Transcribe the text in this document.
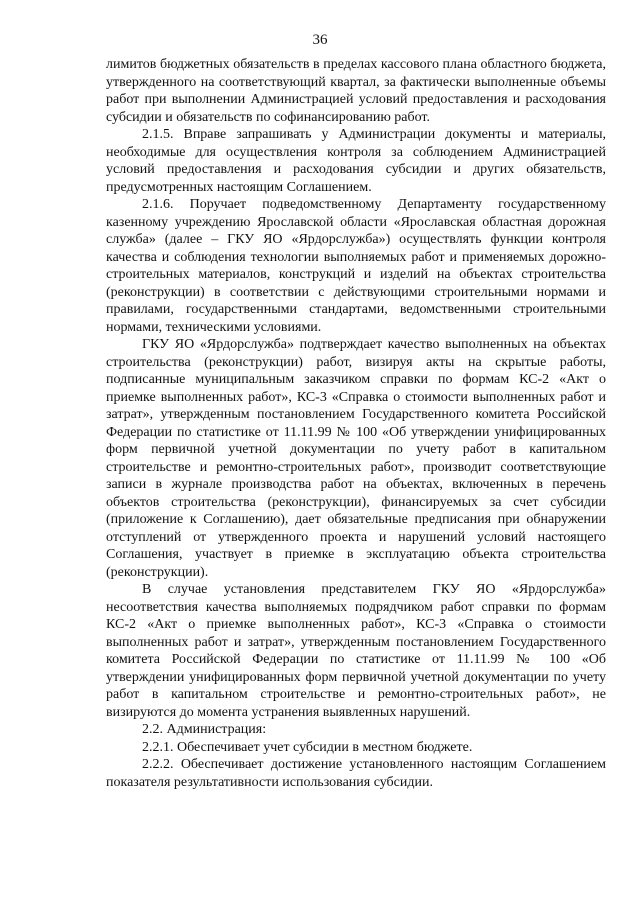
36

лимитов бюджетных обязательств в пределах кассового плана областного бюджета, утвержденного на соответствующий квартал, за фактически выполненные объемы работ при выполнении Администрацией условий предоставления и расходования субсидии и обязательств по софинансированию работ.

2.1.5. Вправе запрашивать у Администрации документы и материалы, необходимые для осуществления контроля за соблюдением Администрацией условий предоставления и расходования субсидии и других обязательств, предусмотренных настоящим Соглашением.

2.1.6. Поручает подведомственному Департаменту государственному казенному учреждению Ярославской области «Ярославская областная дорожная служба» (далее – ГКУ ЯО «Ярдорслужба») осуществлять функции контроля качества и соблюдения технологии выполняемых работ и применяемых дорожно-строительных материалов, конструкций и изделий на объектах строительства (реконструкции) в соответствии с действующими строительными нормами и правилами, государственными стандартами, ведомственными строительными нормами, техническими условиями.

ГКУ ЯО «Ярдорслужба» подтверждает качество выполненных на объектах строительства (реконструкции) работ, визируя акты на скрытые работы, подписанные муниципальным заказчиком справки по формам КС-2 «Акт о приемке выполненных работ», КС-3 «Справка о стоимости выполненных работ и затрат», утвержденным постановлением Государственного комитета Российской Федерации по статистике от 11.11.99 № 100 «Об утверждении унифицированных форм первичной учетной документации по учету работ в капитальном строительстве и ремонтно-строительных работ», производит соответствующие записи в журнале производства работ на объектах, включенных в перечень объектов строительства (реконструкции), финансируемых за счет субсидии (приложение к Соглашению), дает обязательные предписания при обнаружении отступлений от утвержденного проекта и нарушений условий настоящего Соглашения, участвует в приемке в эксплуатацию объекта строительства (реконструкции).

В случае установления представителем ГКУ ЯО «Ярдорслужба» несоответствия качества выполняемых подрядчиком работ справки по формам КС-2 «Акт о приемке выполненных работ», КС-3 «Справка о стоимости выполненных работ и затрат», утвержденным постановлением Государственного комитета Российской Федерации по статистике от 11.11.99 № 100 «Об утверждении унифицированных форм первичной учетной документации по учету работ в капитальном строительстве и ремонтно-строительных работ», не визируются до момента устранения выявленных нарушений.

2.2. Администрация:

2.2.1. Обеспечивает учет субсидии в местном бюджете.

2.2.2. Обеспечивает достижение установленного настоящим Соглашением показателя результативности использования субсидии.
